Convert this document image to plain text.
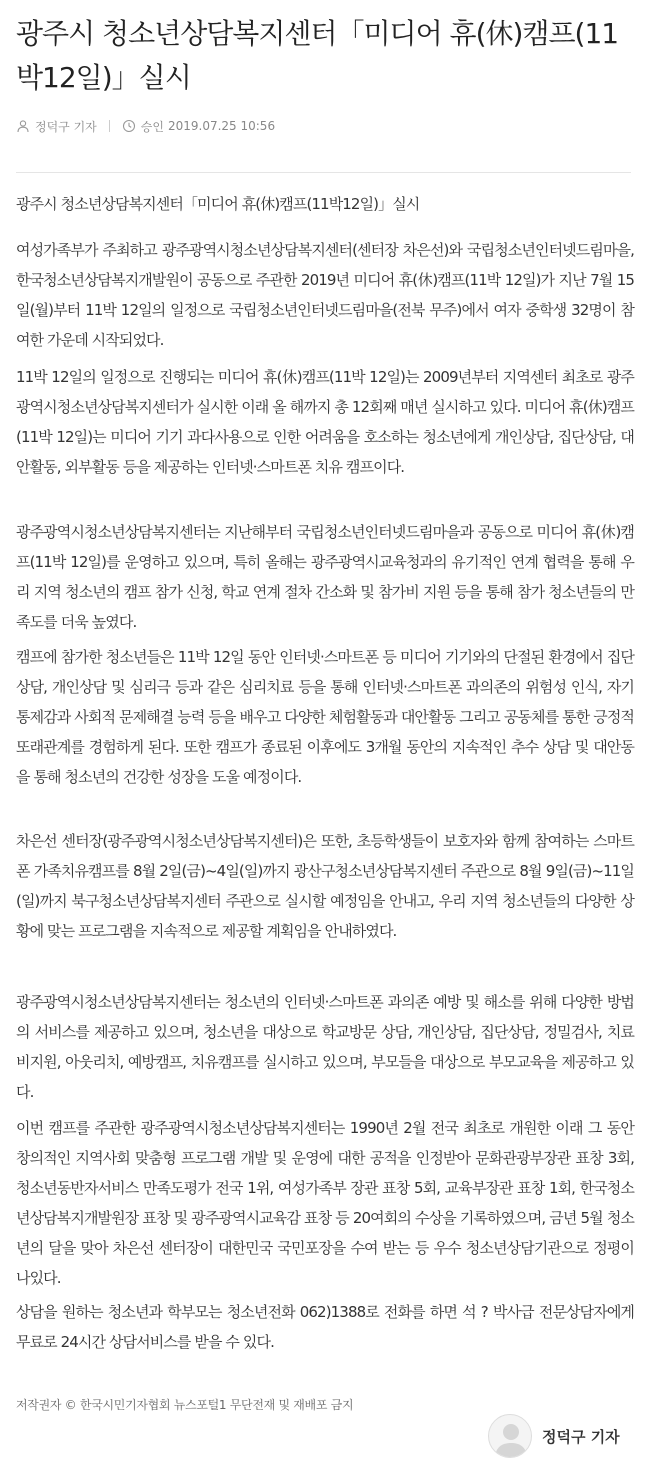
광주시 청소년상담복지센터「미디어 휴(休)캠프(11박12일)」실시
정덕구 기자	승인 2019.07.25 10:56

광주시 청소년상담복지센터「미디어 휴(休)캠프(11박12일)」실시

여성가족부가 주최하고 광주광역시청소년상담복지센터(센터장 차은선)와 국립청소년인터넷드림마을, 한국청소년상담복지개발원이 공동으로 주관한 2019년 미디어 휴(休)캠프(11박 12일)가 지난 7월 15일(월)부터 11박 12일의 일정으로 국립청소년인터넷드림마을(전북 무주)에서 여자 중학생 32명이 참여한 가운데 시작되었다.

11박 12일의 일정으로 진행되는 미디어 휴(休)캠프(11박 12일)는 2009년부터 지역센터 최초로 광주광역시청소년상담복지센터가 실시한 이래 올 해까지 총 12회째 매년 실시하고 있다. 미디어 휴(休)캠프(11박 12일)는 미디어 기기 과다사용으로 인한 어려움을 호소하는 청소년에게 개인상담, 집단상담, 대안활동, 외부활동 등을 제공하는 인터넷·스마트폰 치유 캠프이다.

광주광역시청소년상담복지센터는 지난해부터 국립청소년인터넷드림마을과 공동으로 미디어 휴(休)캠프(11박 12일)를 운영하고 있으며, 특히 올해는 광주광역시교육청과의 유기적인 연계 협력을 통해 우리 지역 청소년의 캠프 참가 신청, 학교 연계 절차 간소화 및 참가비 지원 등을 통해 참가 청소년들의 만족도를 더욱 높였다.

캠프에 참가한 청소년들은 11박 12일 동안 인터넷·스마트폰 등 미디어 기기와의 단절된 환경에서 집단상담, 개인상담 및 심리극 등과 같은 심리치료 등을 통해 인터넷·스마트폰 과의존의 위험성 인식, 자기통제감과 사회적 문제해결 능력 등을 배우고 다양한 체험활동과 대안활동 그리고 공동체를 통한 긍정적 또래관계를 경험하게 된다. 또한 캠프가 종료된 이후에도 3개월 동안의 지속적인 추수 상담 및 대안동을 통해 청소년의 건강한 성장을 도울 예정이다.

차은선 센터장(광주광역시청소년상담복지센터)은 또한, 초등학생들이 보호자와 함께 참여하는 스마트폰 가족치유캠프를 8월 2일(금)~4일(일)까지 광산구청소년상담복지센터 주관으로 8월 9일(금)~11일(일)까지 북구청소년상담복지센터 주관으로 실시할 예정임을 안내고, 우리 지역 청소년들의 다양한 상황에 맞는 프로그램을 지속적으로 제공할 계획임을 안내하였다.

광주광역시청소년상담복지센터는 청소년의 인터넷·스마트폰 과의존 예방 및 해소를 위해 다양한 방법의 서비스를 제공하고 있으며, 청소년을 대상으로 학교방문 상담, 개인상담, 집단상담, 정밀검사, 치료비지원, 아웃리치, 예방캠프, 치유캠프를 실시하고 있으며, 부모들을 대상으로 부모교육을 제공하고 있다.

이번 캠프를 주관한 광주광역시청소년상담복지센터는 1990년 2월 전국 최초로 개원한 이래 그 동안 창의적인 지역사회 맞춤형 프로그램 개발 및 운영에 대한 공적을 인정받아 문화관광부장관 표창 3회, 청소년동반자서비스 만족도평가 전국 1위, 여성가족부 장관 표창 5회, 교육부장관 표창 1회, 한국청소년상담복지개발원장 표창 및 광주광역시교육감 표창 등 20여회의 수상을 기록하였으며, 금년 5월 청소년의 달을 맞아 차은선 센터장이 대한민국 국민포장을 수여 받는 등 우수 청소년상담기관으로 정평이 나있다.

상담을 원하는 청소년과 학부모는 청소년전화 062)1388로 전화를 하면 석 ? 박사급 전문상담자에게 무료로 24시간 상담서비스를 받을 수 있다.

저작권자 © 한국시민기자협회 뉴스포털1 무단전재 및 재배포 금지
정덕구 기자
